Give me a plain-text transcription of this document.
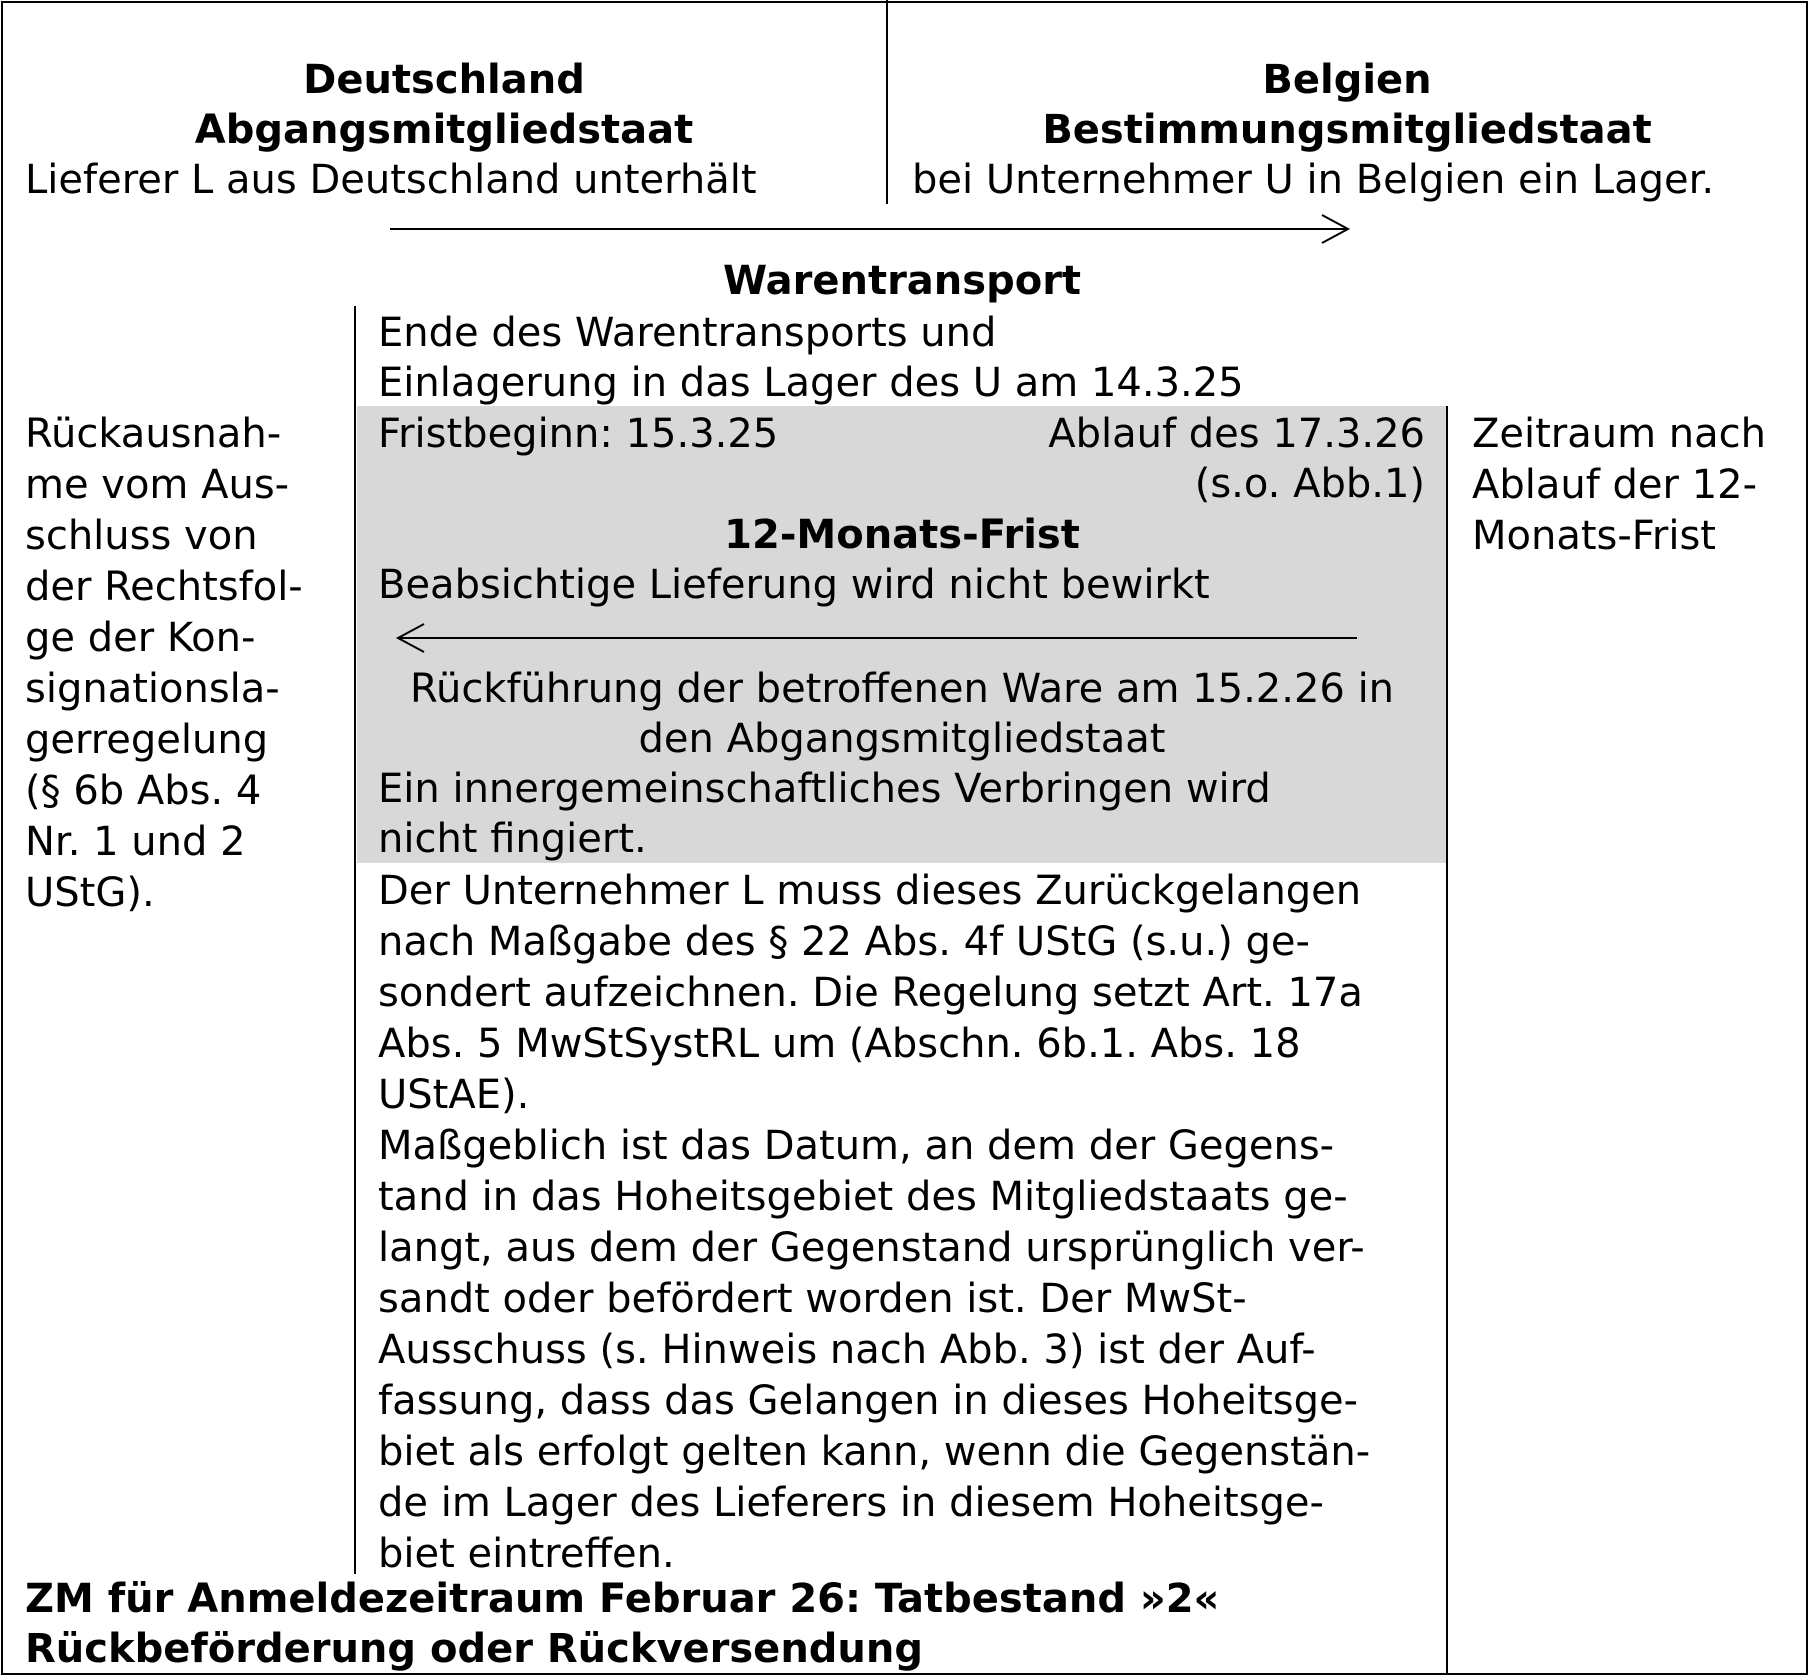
Deutschland
Abgangsmitgliedstaat
Lieferer L aus Deutschland unterhält
Belgien
Bestimmungsmitgliedstaat
bei Unternehmer U in Belgien ein Lager.
Warentransport
Ende des Warentransports und
Einlagerung in das Lager des U am 14.3.25
Rückausnah-
me vom Aus-
schluss von
der Rechtsfol-
ge der Kon-
signationsla-
gerregelung
(§ 6b Abs. 4
Nr. 1 und 2
UStG).
Zeitraum nach
Ablauf der 12-
Monats-Frist
Fristbeginn: 15.3.25	Ablauf des 17.3.26
(s.o. Abb.1)
12-Monats-Frist
Beabsichtige Lieferung wird nicht bewirkt
Rückführung der betroffenen Ware am 15.2.26 in
den Abgangsmitgliedstaat
Ein innergemeinschaftliches Verbringen wird
nicht fingiert.
Der Unternehmer L muss dieses Zurückgelangen
nach Maßgabe des § 22 Abs. 4f UStG (s.u.) ge-
sondert aufzeichnen. Die Regelung setzt Art. 17a
Abs. 5 MwStSystRL um (Abschn. 6b.1. Abs. 18
UStAE).
Maßgeblich ist das Datum, an dem der Gegens-
tand in das Hoheitsgebiet des Mitgliedstaats ge-
langt, aus dem der Gegenstand ursprünglich ver-
sandt oder befördert worden ist. Der MwSt-
Ausschuss (s. Hinweis nach Abb. 3) ist der Auf-
fassung, dass das Gelangen in dieses Hoheitsge-
biet als erfolgt gelten kann, wenn die Gegenstän-
de im Lager des Lieferers in diesem Hoheitsge-
biet eintreffen.
ZM für Anmeldezeitraum Februar 26: Tatbestand »2«
Rückbeförderung oder Rückversendung
